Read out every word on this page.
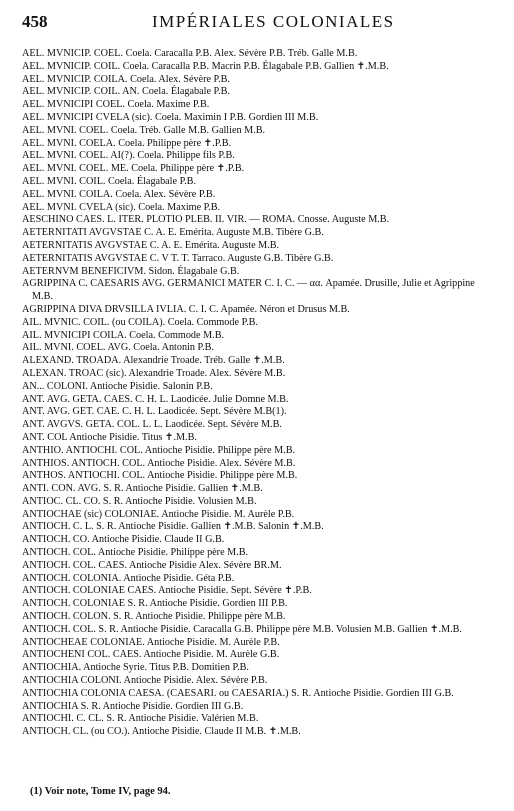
458	IMPÉRIALES COLONIALES
AEL. MVNICIP. COEL. Coela. Caracalla P.B. Alex. Sévère P.B. Tréb. Galle M.B.
AEL. MVNICIP. COIL. Coela. Caracalla P.B. Macrin P.B. Élagabale P.B. Gallien ✝.M.B.
AEL. MVNICIP. COILA. Coela. Alex. Sévère P.B.
AEL. MVNICIP. COIL. AN. Coela. Élagabale P.B.
AEL. MVNICIPI COEL. Coela. Maxime P.B.
AEL. MVNICIPI CVELA (sic). Coela. Maximin I P.B. Gordien III M.B.
AEL. MVNI. COEL. Coela. Tréb. Galle M.B. Gallien M.B.
AEL. MVNI. COELA. Coela. Philippe père ✝.P.B.
AEL. MVNI. COEL. AI(?). Coela. Philippe fils P.B.
AEL. MVNI. COEL. ME. Coela. Philippe père ✝.P.B.
AEL. MVNI. COIL. Coela. Élagabale P.B.
AEL. MVNI. COILA. Coela. Alex. Sévère P.B.
AEL. MVNI. CVELA (sic). Coela. Maxime P.B.
AESCHINO CAES. L. ITER. PLOTIO PLEB. II. VIR. — ROMA. Cnosse. Auguste M.B.
AETERNITATI AVGVSTAE C. A. E. Emérita. Auguste M.B. Tibère G.B.
AETERNITATIS AVGVSTAE C. A. E. Emérita. Auguste M.B.
AETERNITATIS AVGVSTAE C. V T. T. Tarraco. Auguste G.B. Tibère G.B.
AETERNVM BENEFICIVM. Sidon. Élagabale G.B.
AGRIPPINA C. CAESARIS AVG. GERMANICI MATER C. I. C. — αα. Apamée. Drusille, Julie et Agrippine M.B.
AGRIPPINA DIVA DRVSILLA IVLIA. C. I. C. Apamée. Néron et Drusus M.B.
AIL. MVNIC. COIL. (ou COILA). Coela. Commode P.B.
AIL. MVNICIPI COILA. Coela. Commode M.B.
AIL. MVNI. COEL. AVG. Coela. Antonin P.B.
ALEXAND. TROADA. Alexandrie Troade. Tréb. Galle ✝.M.B.
ALEXAN. TROAC (sic). Alexandrie Troade. Alex. Sévère M.B.
AN... COLONI. Antioche Pisidie. Salonin P.B.
ANT. AVG. GETA. CAES. C. H. L. Laodicée. Julie Domne M.B.
ANT. AVG. GET. CAE. C. H. L. Laodicée. Sept. Sévère M.B(1).
ANT. AVGVS. GETA. COL. L. L. Laodicée. Sept. Sévère M.B.
ANT. COL Antioche Pisidie. Titus ✝.M.B.
ANTHIO. ANTIOCHI. COL. Antioche Pisidie. Philippe père M.B.
ANTHIOS. ANTIOCH. COL. Antioche Pisidie. Alex. Sévère M.B.
ANTHOS. ANTIOCHI. COL. Antioche Pisidie. Philippe père M.B.
ANTI. CON. AVG. S. R. Antioche Pisidie. Gallien ✝.M.B.
ANTIOC. CL. CO. S. R. Antioche Pisidie. Volusien M.B.
ANTIOCHAE (sic) COLONIAE. Antioche Pisidie. M. Aurèle P.B.
ANTIOCH. C. L. S. R. Antioche Pisidie. Gallien ✝.M.B. Salonin ✝.M.B.
ANTIOCH. CO. Antioche Pisidie. Claude II G.B.
ANTIOCH. COL. Antioche Pisidie. Philippe père M.B.
ANTIOCH. COL. CAES. Antioche Pisidie Alex. Sévère BR.M.
ANTIOCH. COLONIA. Antioche Pisidie. Géta P.B.
ANTIOCH. COLONIAE CAES. Antioche Pisidie. Sept. Sévère ✝.P.B.
ANTIOCH. COLONIAE S. R. Antioche Pisidie. Gordien III P.B.
ANTIOCH. COLON. S. R. Antioche Pisidie. Philippe père M.B.
ANTIOCH. COL. S. R. Antioche Pisidie. Caracalla G.B. Philippe père M.B. Volusien M.B. Gallien ✝.M.B.
ANTIOCHEAE COLONIAE. Antioche Pisidie. M. Aurèle P.B.
ANTIOCHENI COL. CAES. Antioche Pisidie. M. Aurèle G.B.
ANTIOCHIA. Antioche Syrie. Titus P.B. Domitien P.B.
ANTIOCHIA COLONI. Antioche Pisidie. Alex. Sévère P.B.
ANTIOCHIA COLONIA CAESA. (CAESARI. ou CAESARIA.) S. R. Antioche Pisidie. Gordien III G.B.
ANTIOCHIA S. R. Antioche Pisidie. Gordien III G.B.
ANTIOCHI. C. CL. S. R. Antioche Pisidie. Valérien M.B.
ANTIOCH. CL. (ou CO.). Antioche Pisidie. Claude II M.B. ✝.M.B.
(1) Voir note, Tome IV, page 94.
